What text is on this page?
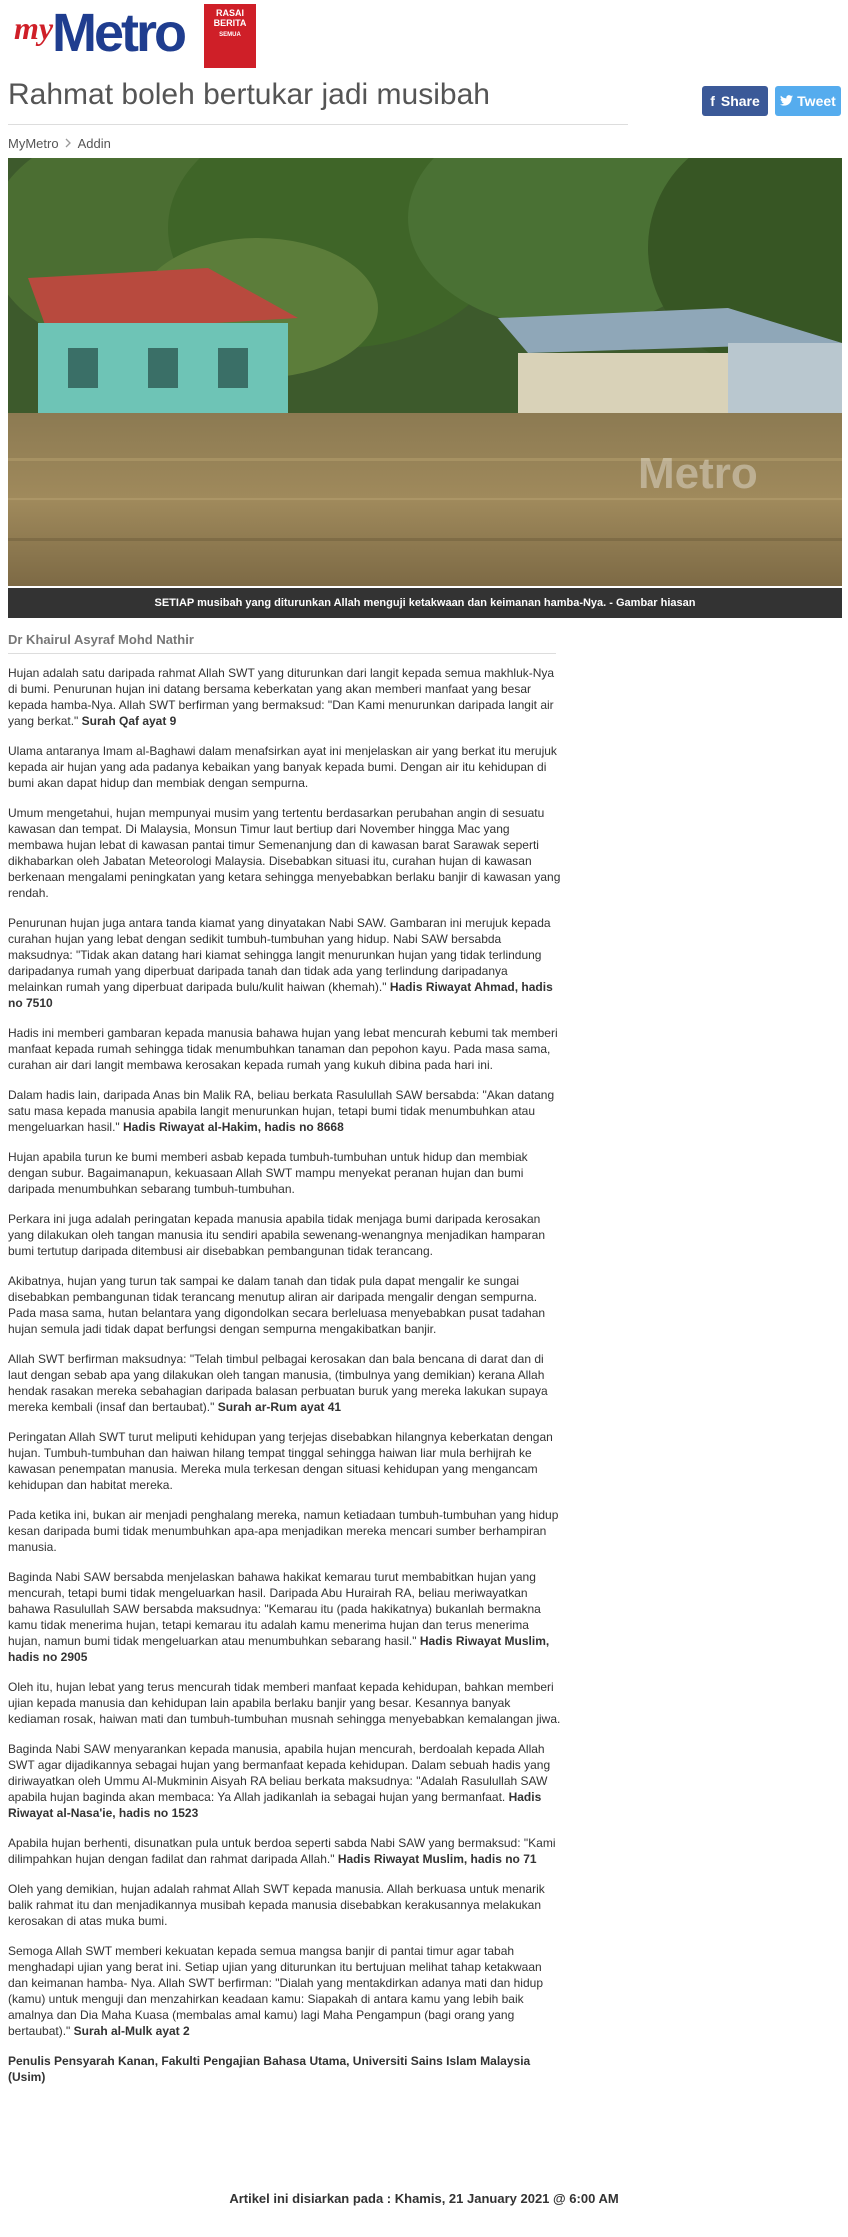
my
Metro	RASAI
BERITA

SEMUA
Rahmat boleh bertukar jadi musibah	f Share	Tweet
MyMetro Addin
Metro
SETIAP musibah yang diturunkan Allah menguji ketakwaan dan keimanan hamba-Nya. - Gambar hiasan
Dr Khairul Asyraf Mohd Nathir

Hujan adalah satu daripada rahmat Allah SWT yang diturunkan dari langit kepada semua makhluk-Nya di bumi. Penurunan hujan ini datang bersama keberkatan yang akan memberi manfaat yang besar kepada hamba-Nya. Allah SWT berfirman yang bermaksud: "Dan Kami menurunkan daripada langit air yang berkat." Surah Qaf ayat 9

Ulama antaranya Imam al-Baghawi dalam menafsirkan ayat ini menjelaskan air yang berkat itu merujuk kepada air hujan yang ada padanya kebaikan yang banyak kepada bumi. Dengan air itu kehidupan di bumi akan dapat hidup dan membiak dengan sempurna.

Umum mengetahui, hujan mempunyai musim yang tertentu berdasarkan perubahan angin di sesuatu kawasan dan tempat. Di Malaysia, Monsun Timur laut bertiup dari November hingga Mac yang membawa hujan lebat di kawasan pantai timur Semenanjung dan di kawasan barat Sarawak seperti dikhabarkan oleh Jabatan Meteorologi Malaysia. Disebabkan situasi itu, curahan hujan di kawasan berkenaan mengalami peningkatan yang ketara sehingga menyebabkan berlaku banjir di kawasan yang rendah.

Penurunan hujan juga antara tanda kiamat yang dinyatakan Nabi SAW. Gambaran ini merujuk kepada curahan hujan yang lebat dengan sedikit tumbuh-tumbuhan yang hidup. Nabi SAW bersabda maksudnya: "Tidak akan datang hari kiamat sehingga langit menurunkan hujan yang tidak terlindung daripadanya rumah yang diperbuat daripada tanah dan tidak ada yang terlindung daripadanya melainkan rumah yang diperbuat daripada bulu/kulit haiwan (khemah)." Hadis Riwayat Ahmad, hadis no 7510

Hadis ini memberi gambaran kepada manusia bahawa hujan yang lebat mencurah kebumi tak memberi manfaat kepada rumah sehingga tidak menumbuhkan tanaman dan pepohon kayu. Pada masa sama, curahan air dari langit membawa kerosakan kepada rumah yang kukuh dibina pada hari ini.

Dalam hadis lain, daripada Anas bin Malik RA, beliau berkata Rasulullah SAW bersabda: "Akan datang satu masa kepada manusia apabila langit menurunkan hujan, tetapi bumi tidak menumbuhkan atau mengeluarkan hasil." Hadis Riwayat al-Hakim, hadis no 8668

Hujan apabila turun ke bumi memberi asbab kepada tumbuh-tumbuhan untuk hidup dan membiak dengan subur. Bagaimanapun, kekuasaan Allah SWT mampu menyekat peranan hujan dan bumi daripada menumbuhkan sebarang tumbuh-tumbuhan.

Perkara ini juga adalah peringatan kepada manusia apabila tidak menjaga bumi daripada kerosakan yang dilakukan oleh tangan manusia itu sendiri apabila sewenang-wenangnya menjadikan hamparan bumi tertutup daripada ditembusi air disebabkan pembangunan tidak terancang.

Akibatnya, hujan yang turun tak sampai ke dalam tanah dan tidak pula dapat mengalir ke sungai disebabkan pembangunan tidak terancang menutup aliran air daripada mengalir dengan sempurna. Pada masa sama, hutan belantara yang digondolkan secara berleluasa menyebabkan pusat tadahan hujan semula jadi tidak dapat berfungsi dengan sempurna mengakibatkan banjir.

Allah SWT berfirman maksudnya: "Telah timbul pelbagai kerosakan dan bala bencana di darat dan di laut dengan sebab apa yang dilakukan oleh tangan manusia, (timbulnya yang demikian) kerana Allah hendak rasakan mereka sebahagian daripada balasan perbuatan buruk yang mereka lakukan supaya mereka kembali (insaf dan bertaubat)." Surah ar-Rum ayat 41

Peringatan Allah SWT turut meliputi kehidupan yang terjejas disebabkan hilangnya keberkatan dengan hujan. Tumbuh-tumbuhan dan haiwan hilang tempat tinggal sehingga haiwan liar mula berhijrah ke kawasan penempatan manusia. Mereka mula terkesan dengan situasi kehidupan yang mengancam kehidupan dan habitat mereka.

Pada ketika ini, bukan air menjadi penghalang mereka, namun ketiadaan tumbuh-tumbuhan yang hidup kesan daripada bumi tidak menumbuhkan apa-apa menjadikan mereka mencari sumber berhampiran manusia.

Baginda Nabi SAW bersabda menjelaskan bahawa hakikat kemarau turut membabitkan hujan yang mencurah, tetapi bumi tidak mengeluarkan hasil. Daripada Abu Hurairah RA, beliau meriwayatkan bahawa Rasulullah SAW bersabda maksudnya: "Kemarau itu (pada hakikatnya) bukanlah bermakna kamu tidak menerima hujan, tetapi kemarau itu adalah kamu menerima hujan dan terus menerima hujan, namun bumi tidak mengeluarkan atau menumbuhkan sebarang hasil." Hadis Riwayat Muslim, hadis no 2905

Oleh itu, hujan lebat yang terus mencurah tidak memberi manfaat kepada kehidupan, bahkan memberi ujian kepada manusia dan kehidupan lain apabila berlaku banjir yang besar. Kesannya banyak kediaman rosak, haiwan mati dan tumbuh-tumbuhan musnah sehingga menyebabkan kemalangan jiwa.

Baginda Nabi SAW menyarankan kepada manusia, apabila hujan mencurah, berdoalah kepada Allah SWT agar dijadikannya sebagai hujan yang bermanfaat kepada kehidupan. Dalam sebuah hadis yang diriwayatkan oleh Ummu Al-Mukminin Aisyah RA beliau berkata maksudnya: "Adalah Rasulullah SAW apabila hujan baginda akan membaca: Ya Allah jadikanlah ia sebagai hujan yang bermanfaat. Hadis Riwayat al-Nasa'ie, hadis no 1523

Apabila hujan berhenti, disunatkan pula untuk berdoa seperti sabda Nabi SAW yang bermaksud: "Kami dilimpahkan hujan dengan fadilat dan rahmat daripada Allah." Hadis Riwayat Muslim, hadis no 71

Oleh yang demikian, hujan adalah rahmat Allah SWT kepada manusia. Allah berkuasa untuk menarik balik rahmat itu dan menjadikannya musibah kepada manusia disebabkan kerakusannya melakukan kerosakan di atas muka bumi.

Semoga Allah SWT memberi kekuatan kepada semua mangsa banjir di pantai timur agar tabah menghadapi ujian yang berat ini. Setiap ujian yang diturunkan itu bertujuan melihat tahap ketakwaan dan keimanan hamba- Nya. Allah SWT berfirman: "Dialah yang mentakdirkan adanya mati dan hidup (kamu) untuk menguji dan menzahirkan keadaan kamu: Siapakah di antara kamu yang lebih baik amalnya dan Dia Maha Kuasa (membalas amal kamu) lagi Maha Pengampun (bagi orang yang bertaubat)." Surah al-Mulk ayat 2

Penulis Pensyarah Kanan, Fakulti Pengajian Bahasa Utama, Universiti Sains Islam Malaysia (Usim)

Artikel ini disiarkan pada : Khamis, 21 January 2021 @ 6:00 AM
